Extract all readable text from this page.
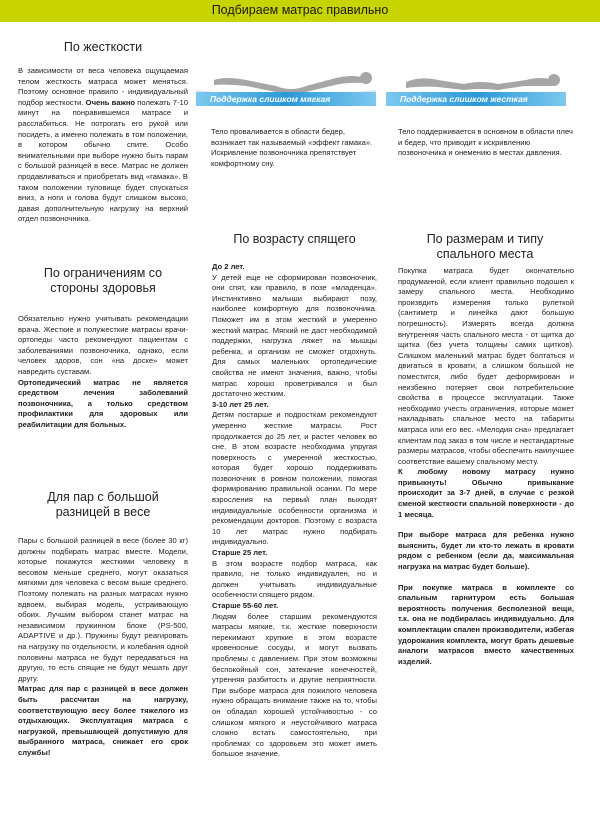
Подбираем матрас правильно
Поддержка слишком мягкая	Поддержка слишком жесткая
Тело проваливается в области бедер, возникает так называемый «эффект гамака». Искривление позвоночника препятствует комфортному сну.
Тело поддерживается в основном в области плеч и бедер, что приводит к искривлению позвоночника и онемению в местах давления.
По жесткости

В зависимости от веса человека ощущаемая телом жесткость матраса может меняться. Поэтому основное правило - индивидуальный подбор жесткости. Очень важно полежать 7-10 минут на понравившемся матрасе и расслабиться. Не потрогать его рукой или посидеть, а именно полежать в том положении, в котором обычно спите. Особо внимательными при выборе нужно быть парам с большой разницей в весе. Матрас не должен продавливаться и приобретать вид «гамака». В таком положении туловище будет спускаться вниз, а ноги и голова будут слишком высоко, давая дополнительную нагрузку на верхний отдел позвоночника.

По ограничениям со стороны здоровья

Обязательно нужно учитывать рекомендации врача. Жесткие и полужесткие матрасы врачи-ортопеды часто рекомендуют пациентам с заболеваниями позвоночника, однако, если человек здоров, сон «на доске» может навредить суставам.

Ортопедический матрас не является средством лечения заболеваний позвоночника, а только средством профилактики для здоровых или реабилитации для больных.

Для пар с большой разницей в весе

Пары с большой разницей в весе (более 30 кг) должны подбирать матрас вместе. Модели, которые покажутся жесткими человеку в весовом меньше среднего, могут оказаться мягкими для человека с весом выше среднего. Поэтому полежать на разных матрасах нужно вдвоем, выбирая модель, устраивающую обоих. Лучшим выбором станет матрас на независимом пружинном блоке (PS-500, ADAPTIVE и др.). Пружины будут реагировать на нагрузку по отдельности, и колебания одной половины матраса не будут передаваться на другую, то есть спящие не будут мешать друг другу.

Матрас для пар с разницей в весе должен быть рассчитан на нагрузку, соответствующую весу более тяжелого из отдыхающих. Эксплуатация матраса с нагрузкой, превышающей допустимую для выбранного матраса, снижает его срок службы!

По возрасту спящего

До 2 лет.

У детей еще не сформирован позвоночник, они спят, как правило, в позе «младенца». Инстинктивно малыши выбирают позу, наиболее комфортную для позвоночника. Поможет им в этом жесткий и умеренно жесткий матрас. Мягкий не даст необходимой поддержки, нагрузка ляжет на мышцы ребенка, и организм не сможет отдохнуть. Для самых маленьких ортопедические свойства не имеют значения, важно, чтобы матрас хорошо проветривался и был достаточно жестким.

3-10 лет 25 лет.

Детям постарше и подросткам рекомендуют умеренно жесткие матрасы. Рост продолжается до 25 лет, и растет человек во сне. В этом возрасте необходима упругая поверхность с умеренной жесткостью, которая будет хорошо поддерживать позвоночник в ровном положении, помогая формированию правильной осанки. По мере взросления на первый план выходят индивидуальные особенности организма и рекомендации докторов. Поэтому с возраста 10 лет матрас нужно подбирать индивидуально.

Старше 25 лет.

В этом возрасте подбор матраса, как правило, не только индивидуален, но и должен учитывать индивидуальные особенности спящего рядом.

Старше 55-60 лет.

Людям более старшим рекомендуются матрасы мягкие, т.к. жесткие поверхности перекимают хрупкие в этом возрасте кровеносные сосуды, и могут вызвать проблемы с давлением. При этом возможны беспокойный сон, затекание конечностей, утренняя разбитость и другие неприятности. При выборе матраса для пожилого человека нужно обращать внимание также на то, чтобы он обладал хорошей устойчивостью - со слишком мягкого и неустойчивого матраса сложно встать самостоятельно, при проблемах со здоровьем это может иметь большое значение.

По размерам и типу спального места

Покупка матраса будет окончательно продуманной, если клиент правильно подошел к замеру спального места. Необходимо произвдить измерения только рулеткой (сантиметр и линейка дают большую погрешность). Измерять всегда должна внутренняя часть спального места - от щитка до щитка (без учета толщины самих щитков). Слишком маленький матрас будет болтаться и двигаться в кровати, а слишком большой не поместится, либо будет деформирован и неизбежно потеряет свои потребительские свойства в процессе эксплуатации. Также необходимо учесть ограничения, которые может накладывать спальное место на габариты матраса или его вес. «Мелодия сна» предлагает клиентам под заказ в том числе и нестандартные размеры матрасов, чтобы обеспечить наилучшее соответствие вашему спальному месту.

К любому новому матрасу нужно привыкнуть! Обычно привыкание происходит за 3-7 дней, в случае с резкой сменой жесткости спальной поверхности - до 1 месяца.

При выборе матраса для ребенка нужно выяснить, будет ли кто-то лежать в кровати рядом с ребенком (если да, максимальная нагрузка на матрас будет больше).

При покупке матраса в комплекте со спальным гарнитуром есть большая вероятность получения бесполезной вещи, т.к. она не подбиралась индивидуально. Для комплектации спален производители, избегая удорожания комплекта, могут брать дешевые аналоги матрасов вместо качественных изделий.
